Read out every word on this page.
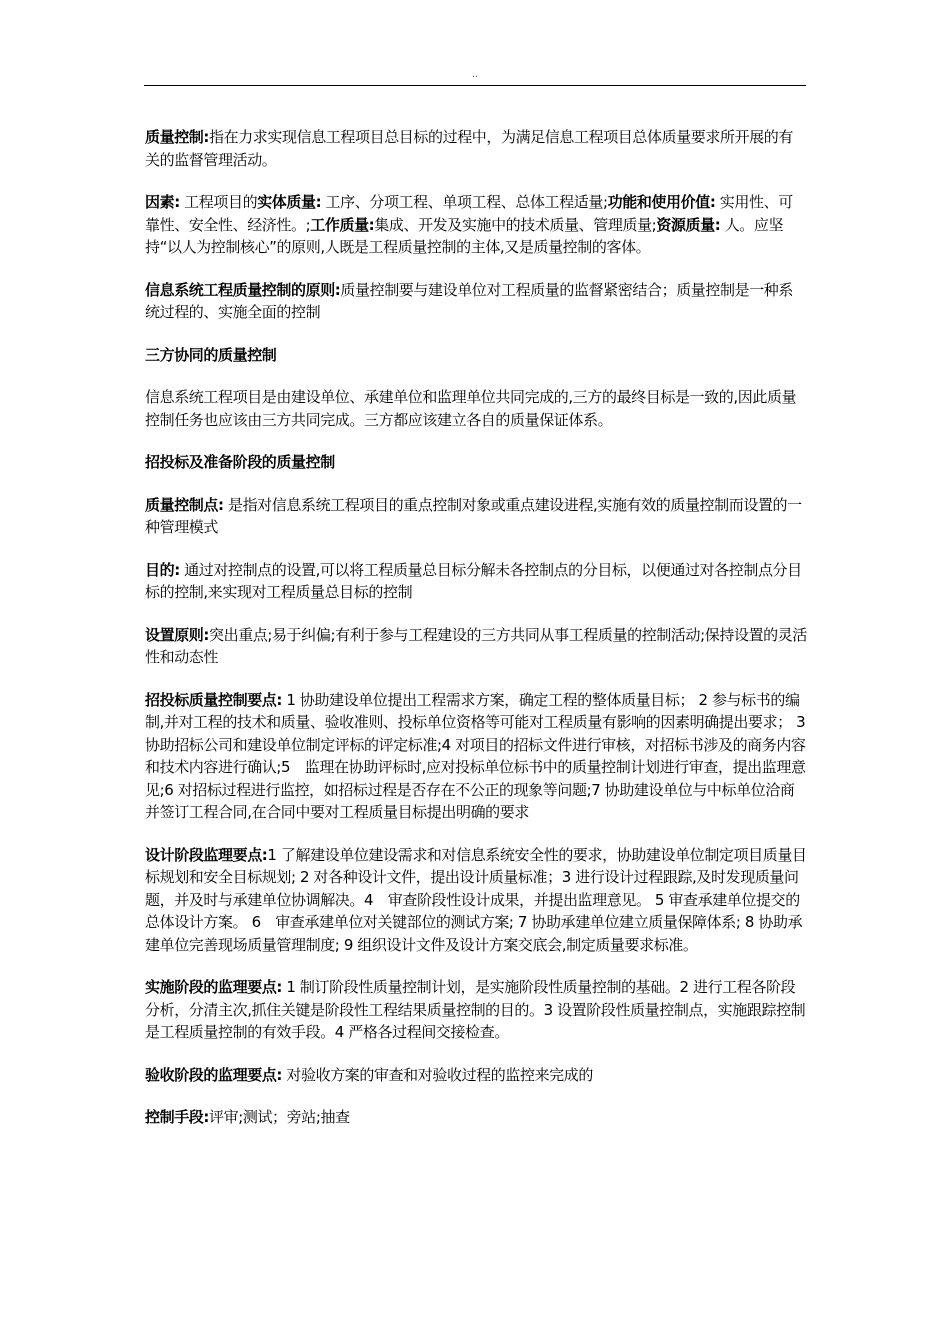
..

质量控制:指在力求实现信息工程项目总目标的过程中，为满足信息工程项目总体质量要求所开展的有关的监督管理活动。

因素: 工程项目的实体质量: 工序、分项工程、单项工程、总体工程适量;功能和使用价值: 实用性、可靠性、安全性、经济性。;工作质量:集成、开发及实施中的技术质量、管理质量;资源质量: 人。应坚持“以人为控制核心”的原则,人既是工程质量控制的主体,又是质量控制的客体。

信息系统工程质量控制的原则:质量控制要与建设单位对工程质量的监督紧密结合；质量控制是一种系统过程的、实施全面的控制

三方协同的质量控制

信息系统工程项目是由建设单位、承建单位和监理单位共同完成的,三方的最终目标是一致的,因此质量控制任务也应该由三方共同完成。三方都应该建立各自的质量保证体系。

招投标及准备阶段的质量控制

质量控制点: 是指对信息系统工程项目的重点控制对象或重点建设进程,实施有效的质量控制而设置的一种管理模式

目的: 通过对控制点的设置,可以将工程质量总目标分解未各控制点的分目标，以便通过对各控制点分目标的控制,来实现对工程质量总目标的控制

设置原则:突出重点;易于纠偏;有利于参与工程建设的三方共同从事工程质量的控制活动;保持设置的灵活性和动态性

招投标质量控制要点: 1 协助建设单位提出工程需求方案，确定工程的整体质量目标； 2 参与标书的编制,并对工程的技术和质量、验收准则、投标单位资格等可能对工程质量有影响的因素明确提出要求； 3　协助招标公司和建设单位制定评标的评定标准;4 对项目的招标文件进行审核，对招标书涉及的商务内容和技术内容进行确认;5　监理在协助评标时,应对投标单位标书中的质量控制计划进行审查，提出监理意见;6 对招标过程进行监控，如招标过程是否存在不公正的现象等问题;7 协助建设单位与中标单位洽商并签订工程合同,在合同中要对工程质量目标提出明确的要求

设计阶段监理要点:1 了解建设单位建设需求和对信息系统安全性的要求，协助建设单位制定项目质量目标规划和安全目标规划; 2 对各种设计文件，提出设计质量标准；3 进行设计过程跟踪,及时发现质量问题，并及时与承建单位协调解决。4　审查阶段性设计成果，并提出监理意见。 5 审查承建单位提交的总体设计方案。 6　审查承建单位对关键部位的测试方案; 7 协助承建单位建立质量保障体系; 8 协助承建单位完善现场质量管理制度; 9 组织设计文件及设计方案交底会,制定质量要求标准。

实施阶段的监理要点: 1 制订阶段性质量控制计划，是实施阶段性质量控制的基础。2 进行工程各阶段分析，分清主次,抓住关键是阶段性工程结果质量控制的目的。3 设置阶段性质量控制点，实施跟踪控制是工程质量控制的有效手段。4 严格各过程间交接检查。

验收阶段的监理要点: 对验收方案的审查和对验收过程的监控来完成的

控制手段:评审;测试；旁站;抽查
